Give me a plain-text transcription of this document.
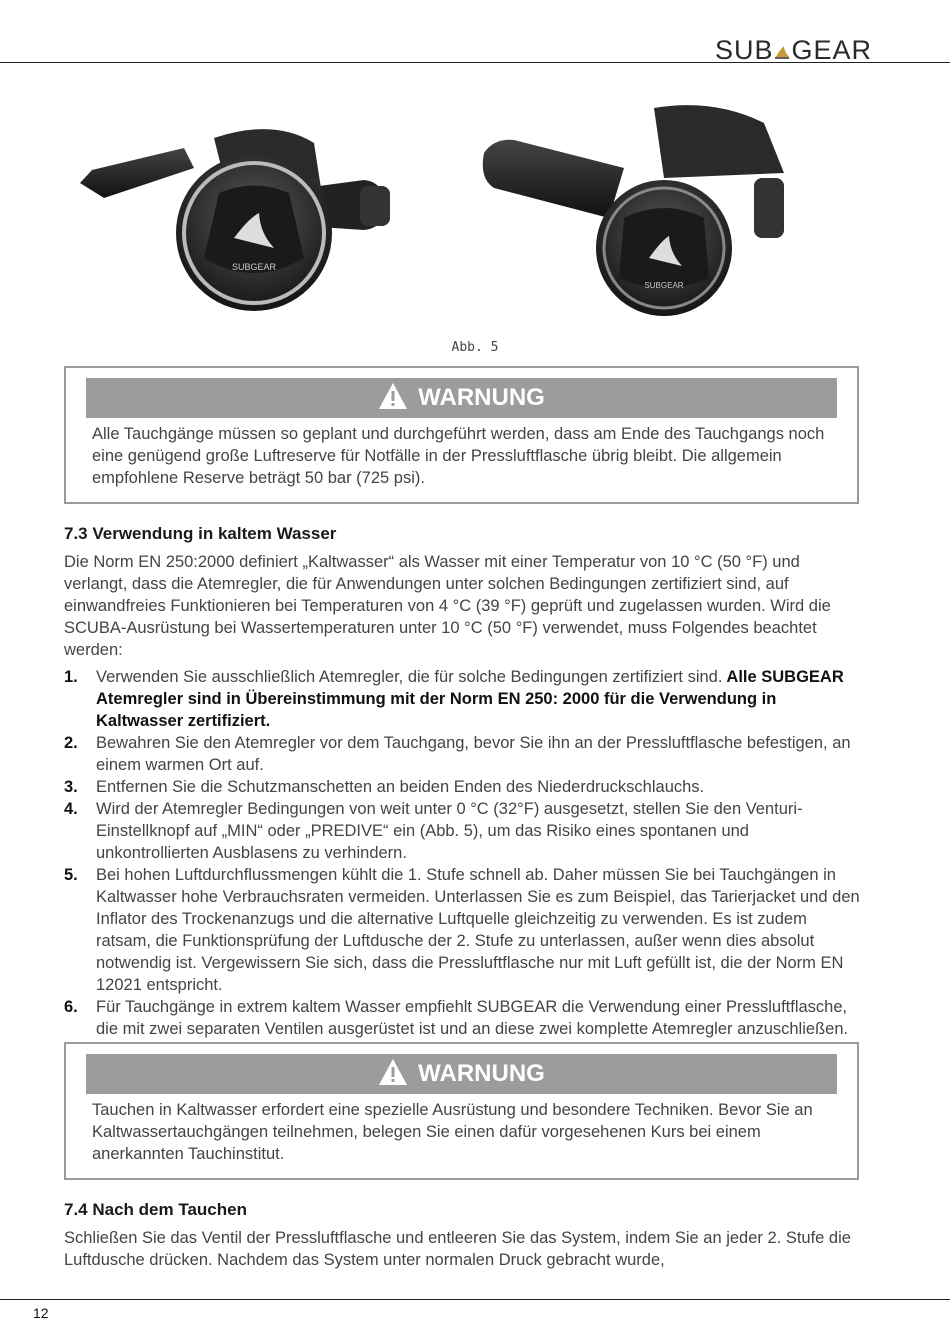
SUB GEAR
SUBGEAR
SUBGEAR
Abb. 5
WARNUNG
Alle Tauchgänge müssen so geplant und durchgeführt werden, dass am Ende des Tauchgangs noch eine genügend große Luftreserve für Notfälle in der Pressluftflasche übrig bleibt. Die allgemein empfohlene Reserve beträgt 50 bar (725 psi).
7.3 Verwendung in kaltem Wasser
Die Norm EN 250:2000 definiert „Kaltwasser“ als Wasser mit einer Temperatur von 10 °C (50 °F) und verlangt, dass die Atemregler, die für Anwendungen unter solchen Bedingungen zertifiziert sind, auf einwandfreies Funktionieren bei Temperaturen von 4 °C (39 °F) geprüft und zugelassen wurden. Wird die SCUBA-Ausrüstung bei Wassertemperaturen unter 10 °C (50 °F) verwendet, muss Folgendes beachtet werden:
1. Verwenden Sie ausschließlich Atemregler, die für solche Bedingungen zertifiziert sind. Alle SUBGEAR Atemregler sind in Übereinstimmung mit der Norm EN 250: 2000 für die Verwendung in Kaltwasser zertifiziert.
2. Bewahren Sie den Atemregler vor dem Tauchgang, bevor Sie ihn an der Pressluftflasche befestigen, an einem warmen Ort auf.
3. Entfernen Sie die Schutzmanschetten an beiden Enden des Niederdruckschlauchs.
4. Wird der Atemregler Bedingungen von weit unter 0 °C (32°F) ausgesetzt, stellen Sie den Venturi-Einstellknopf auf „MIN“ oder „PREDIVE“ ein (Abb. 5), um das Risiko eines spontanen und unkontrollierten Ausblasens zu verhindern.
5. Bei hohen Luftdurchflussmengen kühlt die 1. Stufe schnell ab. Daher müssen Sie bei Tauchgängen in Kaltwasser hohe Verbrauchsraten vermeiden. Unterlassen Sie es zum Beispiel, das Tarierjacket und den Inflator des Trockenanzugs und die alternative Luftquelle gleichzeitig zu verwenden. Es ist zudem ratsam, die Funktionsprüfung der Luftdusche der 2. Stufe zu unterlassen, außer wenn dies absolut notwendig ist. Vergewissern Sie sich, dass die Pressluftflasche nur mit Luft gefüllt ist, die der Norm EN 12021 entspricht.
6. Für Tauchgänge in extrem kaltem Wasser empfiehlt SUBGEAR die Verwendung einer Pressluftflasche, die mit zwei separaten Ventilen ausgerüstet ist und an diese zwei komplette Atemregler anzuschließen.
WARNUNG
Tauchen in Kaltwasser erfordert eine spezielle Ausrüstung und besondere Techniken. Bevor Sie an Kaltwassertauchgängen teilnehmen, belegen Sie einen dafür vorgesehenen Kurs bei einem anerkannten Tauchinstitut.
7.4 Nach dem Tauchen
Schließen Sie das Ventil der Pressluftflasche und entleeren Sie das System, indem Sie an jeder 2. Stufe die Luftdusche drücken. Nachdem das System unter normalen Druck gebracht wurde,
12
